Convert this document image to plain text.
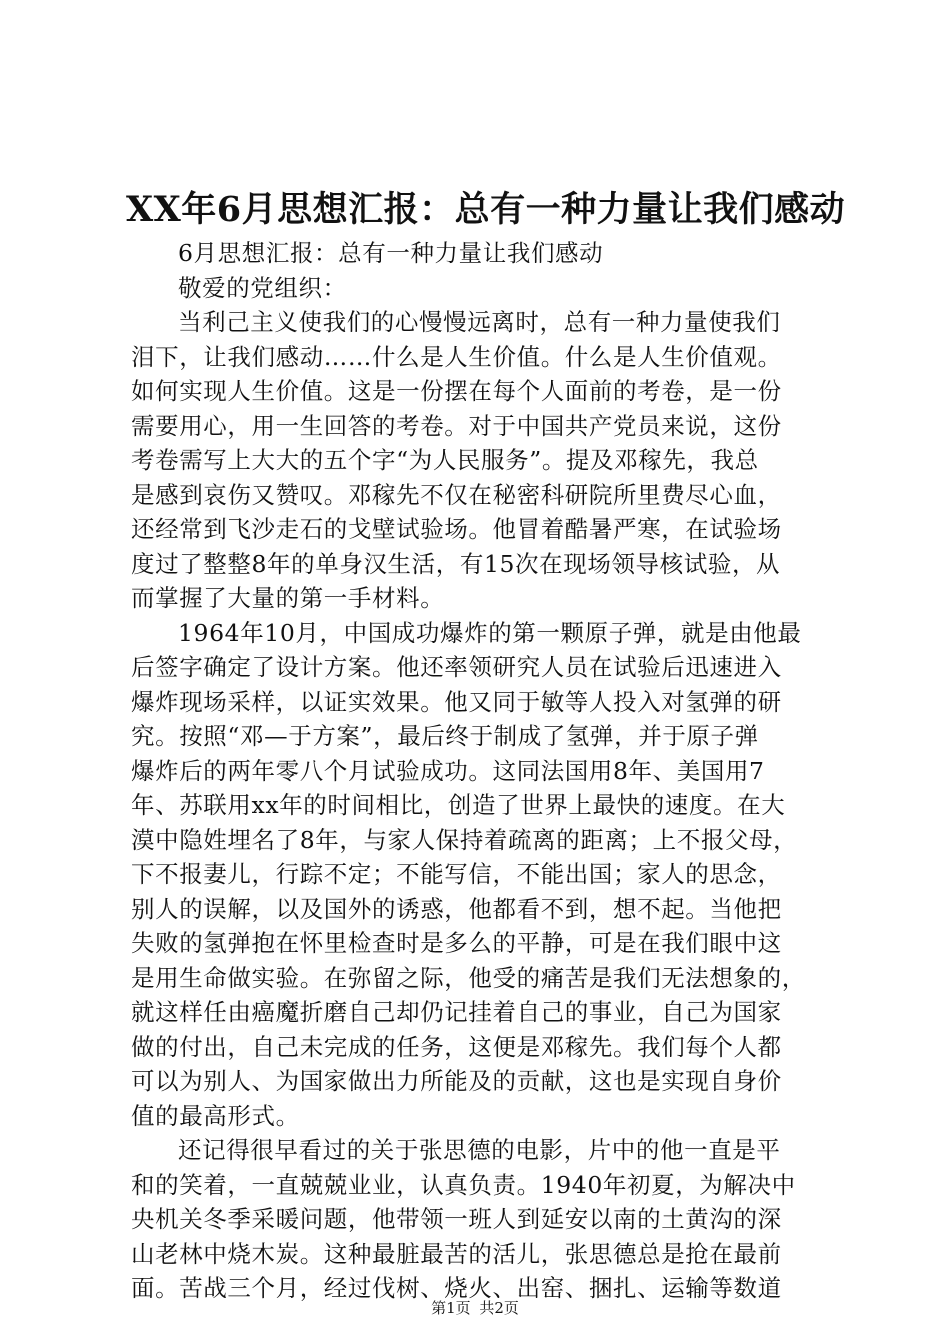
XX年6月思想汇报：总有一种力量让我们感动
6月思想汇报：总有一种力量让我们感动
敬爱的党组织：
当利己主义使我们的心慢慢远离时，总有一种力量使我们
泪下，让我们感动……什么是人生价值。什么是人生价值观。
如何实现人生价值。这是一份摆在每个人面前的考卷，是一份
需要用心，用一生回答的考卷。对于中国共产党员来说，这份
考卷需写上大大的五个字“为人民服务”。提及邓稼先，我总
是感到哀伤又赞叹。邓稼先不仅在秘密科研院所里费尽心血，
还经常到飞沙走石的戈壁试验场。他冒着酷暑严寒，在试验场
度过了整整8年的单身汉生活，有15次在现场领导核试验，从
而掌握了大量的第一手材料。
1964年10月，中国成功爆炸的第一颗原子弹，就是由他最
后签字确定了设计方案。他还率领研究人员在试验后迅速进入
爆炸现场采样，以证实效果。他又同于敏等人投入对氢弹的研
究。按照“邓—于方案”，最后终于制成了氢弹，并于原子弹
爆炸后的两年零八个月试验成功。这同法国用8年、美国用7
年、苏联用xx年的时间相比，创造了世界上最快的速度。在大
漠中隐姓埋名了8年，与家人保持着疏离的距离；上不报父母，
下不报妻儿，行踪不定；不能写信，不能出国；家人的思念，
别人的误解，以及国外的诱惑，他都看不到，想不起。当他把
失败的氢弹抱在怀里检查时是多么的平静，可是在我们眼中这
是用生命做实验。在弥留之际，他受的痛苦是我们无法想象的，
就这样任由癌魔折磨自己却仍记挂着自己的事业，自己为国家
做的付出，自己未完成的任务，这便是邓稼先。我们每个人都
可以为别人、为国家做出力所能及的贡献，这也是实现自身价
值的最高形式。
还记得很早看过的关于张思德的电影，片中的他一直是平
和的笑着，一直兢兢业业，认真负责。1940年初夏，为解决中
央机关冬季采暖问题，他带领一班人到延安以南的土黄沟的深
山老林中烧木炭。这种最脏最苦的活儿，张思德总是抢在最前
面。苦战三个月，经过伐树、烧火、出窑、捆扎、运输等数道
第1页 共2页
